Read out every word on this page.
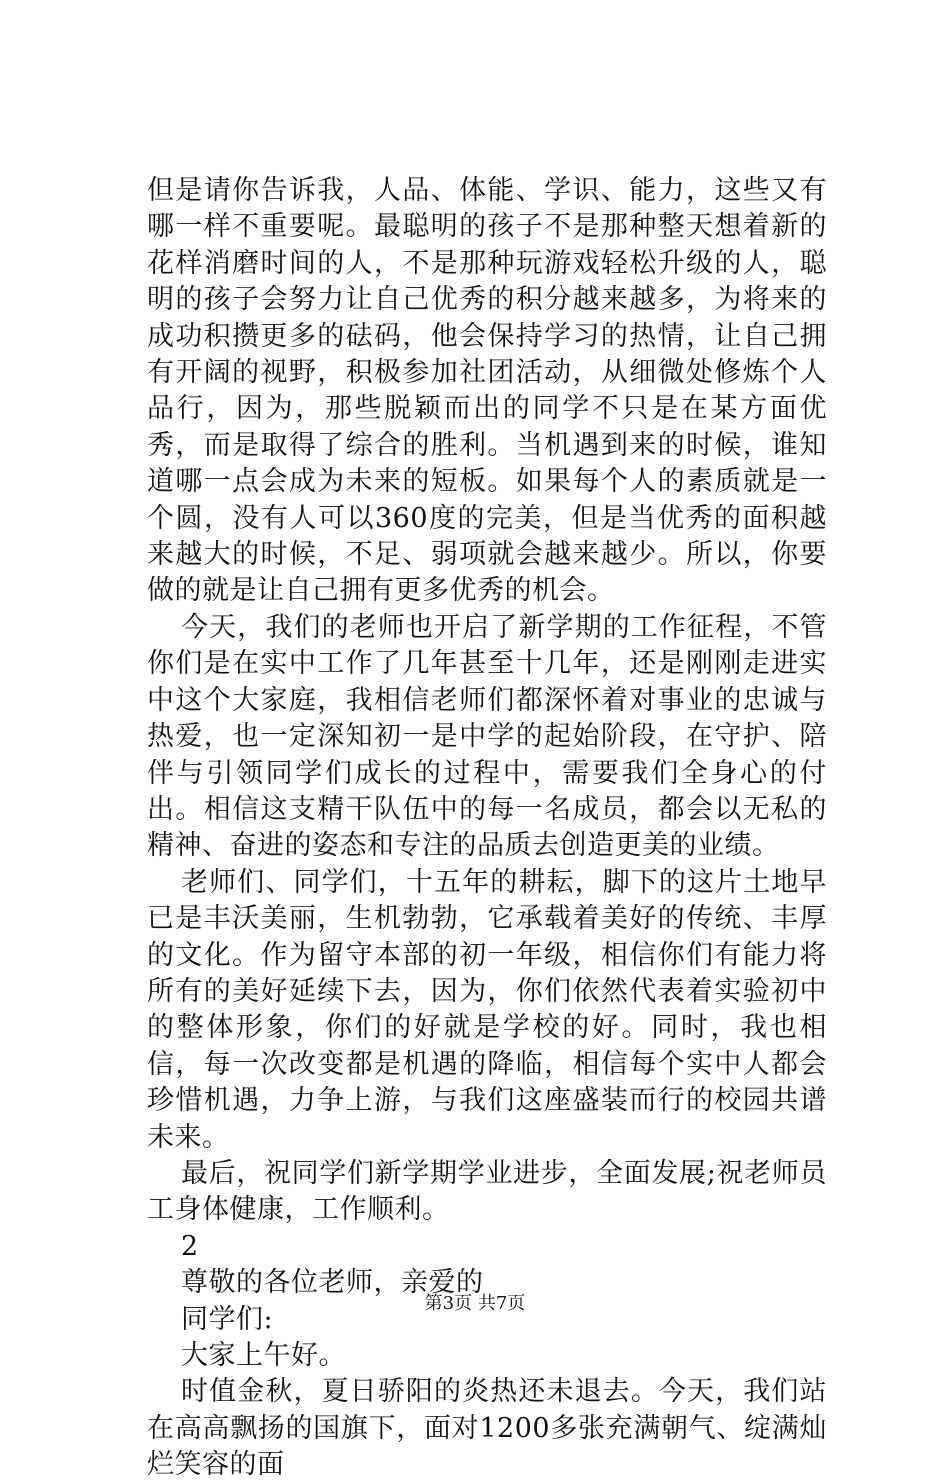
但是请你告诉我，人品、体能、学识、能力，这些又有哪一样不重要呢。最聪明的孩子不是那种整天想着新的花样消磨时间的人，不是那种玩游戏轻松升级的人，聪明的孩子会努力让自己优秀的积分越来越多，为将来的成功积攒更多的砝码，他会保持学习的热情，让自己拥有开阔的视野，积极参加社团活动，从细微处修炼个人品行，因为，那些脱颖而出的同学不只是在某方面优秀，而是取得了综合的胜利。当机遇到来的时候，谁知道哪一点会成为未来的短板。如果每个人的素质就是一个圆，没有人可以360度的完美，但是当优秀的面积越来越大的时候，不足、弱项就会越来越少。所以，你要做的就是让自己拥有更多优秀的机会。

今天，我们的老师也开启了新学期的工作征程，不管你们是在实中工作了几年甚至十几年，还是刚刚走进实中这个大家庭，我相信老师们都深怀着对事业的忠诚与热爱，也一定深知初一是中学的起始阶段，在守护、陪伴与引领同学们成长的过程中，需要我们全身心的付出。相信这支精干队伍中的每一名成员，都会以无私的精神、奋进的姿态和专注的品质去创造更美的业绩。

老师们、同学们，十五年的耕耘，脚下的这片土地早已是丰沃美丽，生机勃勃，它承载着美好的传统、丰厚的文化。作为留守本部的初一年级，相信你们有能力将所有的美好延续下去，因为，你们依然代表着实验初中的整体形象，你们的好就是学校的好。同时，我也相信，每一次改变都是机遇的降临，相信每个实中人都会珍惜机遇，力争上游，与我们这座盛装而行的校园共谱未来。

最后，祝同学们新学期学业进步，全面发展;祝老师员工身体健康，工作顺利。

2

尊敬的各位老师，亲爱的

同学们:

大家上午好。

时值金秋，夏日骄阳的炎热还未退去。今天，我们站在高高飘扬的国旗下，面对1200多张充满朝气、绽满灿烂笑容的面

第3页 共7页
